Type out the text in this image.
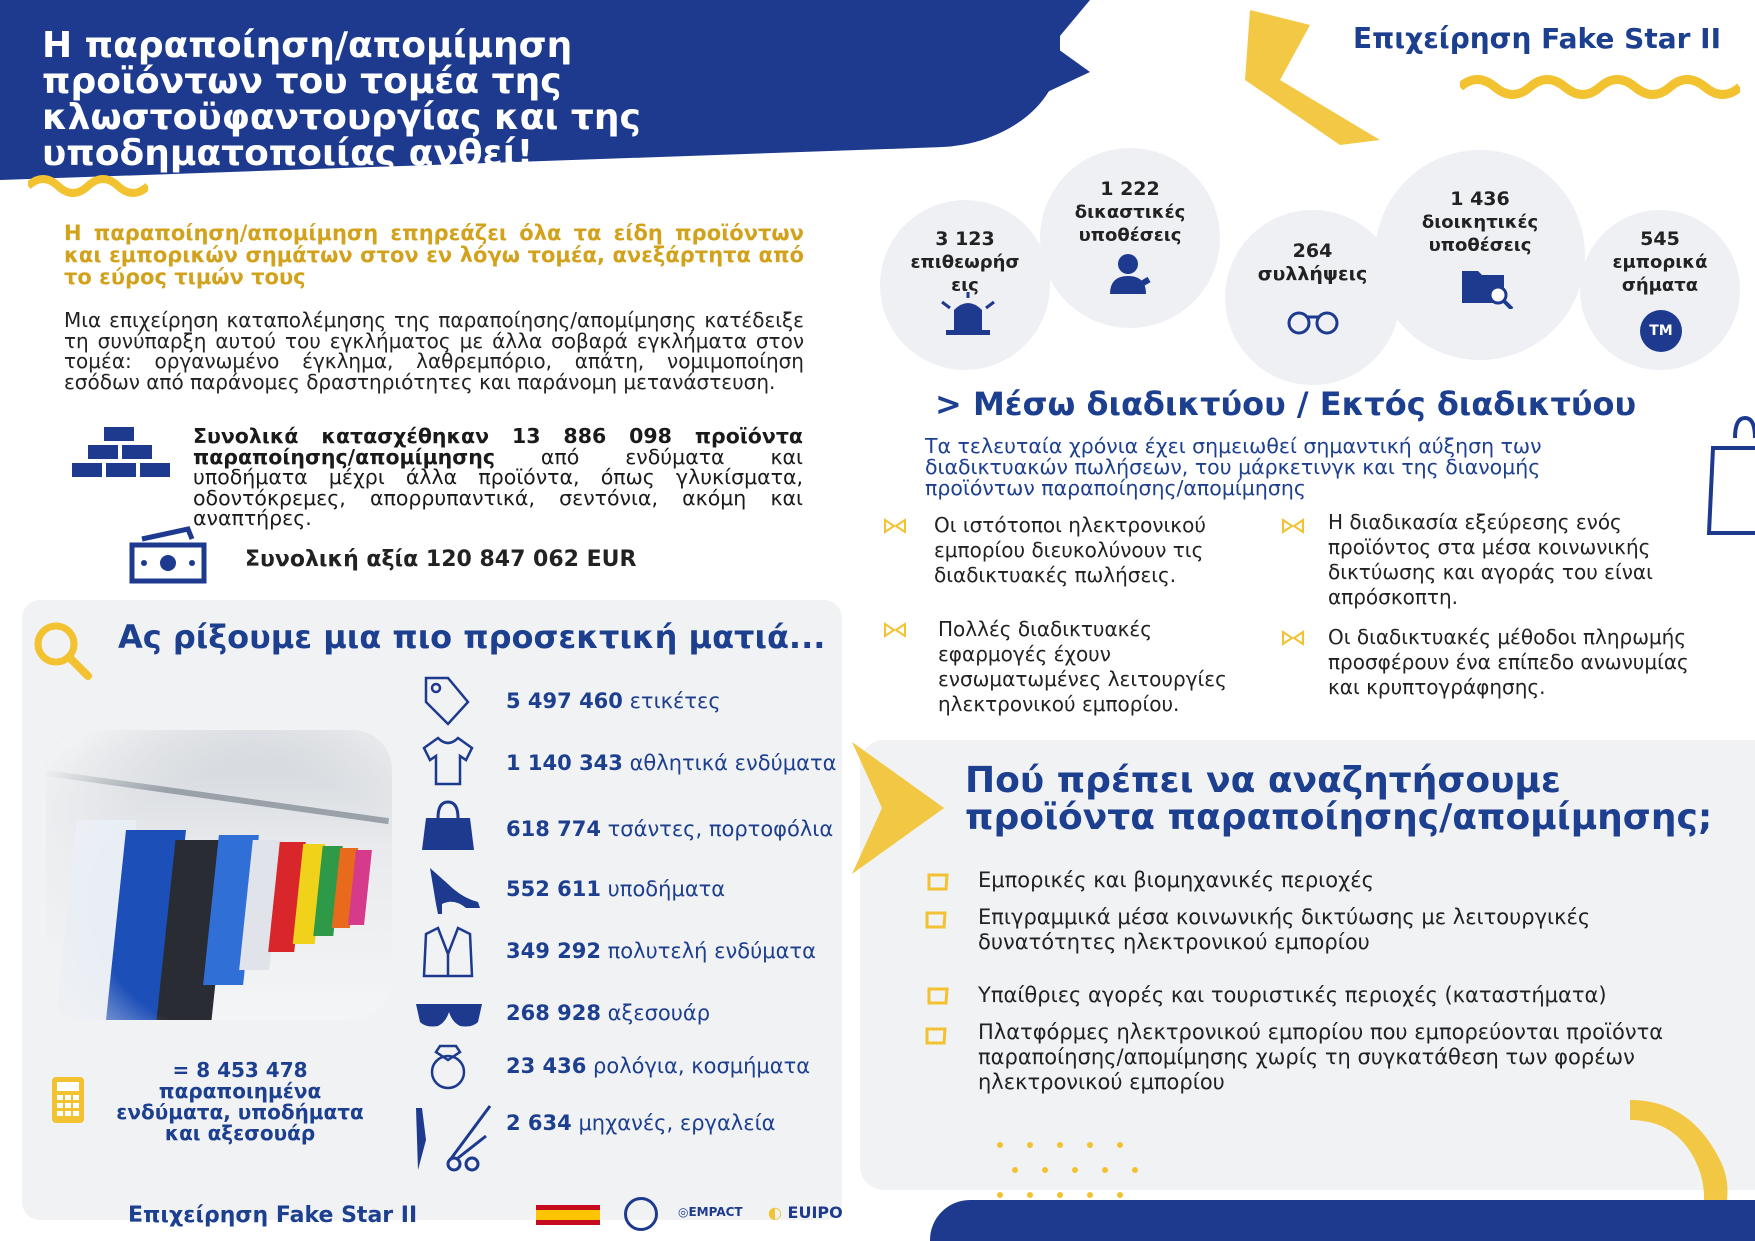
Η παραποίηση/απομίμηση προϊόντων του τομέα της κλωστοϋφαντουργίας και της υποδηματοποιίας ανθεί!
Επιχείρηση Fake Star II
Η παραποίηση/απομίμηση επηρεάζει όλα τα είδη προϊόντων και εμπορικών σημάτων στον εν λόγω τομέα, ανεξάρτητα από το εύρος τιμών τους
Μια επιχείρηση καταπολέμησης της παραποίησης/απομίμησης κατέδειξε τη συνύπαρξη αυτού του εγκλήματος με άλλα σοβαρά εγκλήματα στον τομέα: οργανωμένο έγκλημα, λαθρεμπόριο, απάτη, νομιμοποίηση εσόδων από παράνομες δραστηριότητες και παράνομη μετανάστευση.
Συνολικά κατασχέθηκαν 13 886 098 προϊόντα παραποίησης/απομίμησης από ενδύματα και υποδήματα μέχρι άλλα προϊόντα, όπως γλυκίσματα, οδοντόκρεμες, απορρυπαντικά, σεντόνια, ακόμη και αναπτήρες.
Συνολική αξία 120 847 062 EUR
Ας ρίξουμε μια πιο προσεκτική ματιά...
5 497 460 ετικέτες
1 140 343 αθλητικά ενδύματα
618 774 τσάντες, πορτοφόλια
552 611 υποδήματα
349 292 πολυτελή ενδύματα
268 928 αξεσουάρ
23 436 ρολόγια, κοσμήματα
2 634 μηχανές, εργαλεία
= 8 453 478
παραποιημένα ενδύματα, υποδήματα και αξεσουάρ
Επιχείρηση Fake Star II	◎EMPACT ◐ EUIPO
3 123
επιθεωρήσ εις
1 222
δικαστικές υποθέσεις
264
συλλήψεις
1 436
διοικητικές υποθέσεις	545
εμπορικά σήματα
TM
> Μέσω διαδικτύου / Εκτός διαδικτύου
Τα τελευταία χρόνια έχει σημειωθεί σημαντική αύξηση των διαδικτυακών πωλήσεων, του μάρκετινγκ και της διανομής προϊόντων παραποίησης/απομίμησης
Οι ιστότοποι ηλεκτρονικού εμπορίου διευκολύνουν τις διαδικτυακές πωλήσεις.
Η διαδικασία εξεύρεσης ενός προϊόντος στα μέσα κοινωνικής δικτύωσης και αγοράς του είναι απρόσκοπτη.
Πολλές διαδικτυακές εφαρμογές έχουν ενσωματωμένες λειτουργίες ηλεκτρονικού εμπορίου.
Οι διαδικτυακές μέθοδοι πληρωμής προσφέρουν ένα επίπεδο ανωνυμίας και κρυπτογράφησης.
Πού πρέπει να αναζητήσουμε προϊόντα παραποίησης/απομίμησης;
Εμπορικές και βιομηχανικές περιοχές
Επιγραμμικά μέσα κοινωνικής δικτύωσης με λειτουργικές δυνατότητες ηλεκτρονικού εμπορίου
Υπαίθριες αγορές και τουριστικές περιοχές (καταστήματα)
Πλατφόρμες ηλεκτρονικού εμπορίου που εμπορεύονται προϊόντα παραποίησης/απομίμησης χωρίς τη συγκατάθεση των φορέων ηλεκτρονικού εμπορίου
